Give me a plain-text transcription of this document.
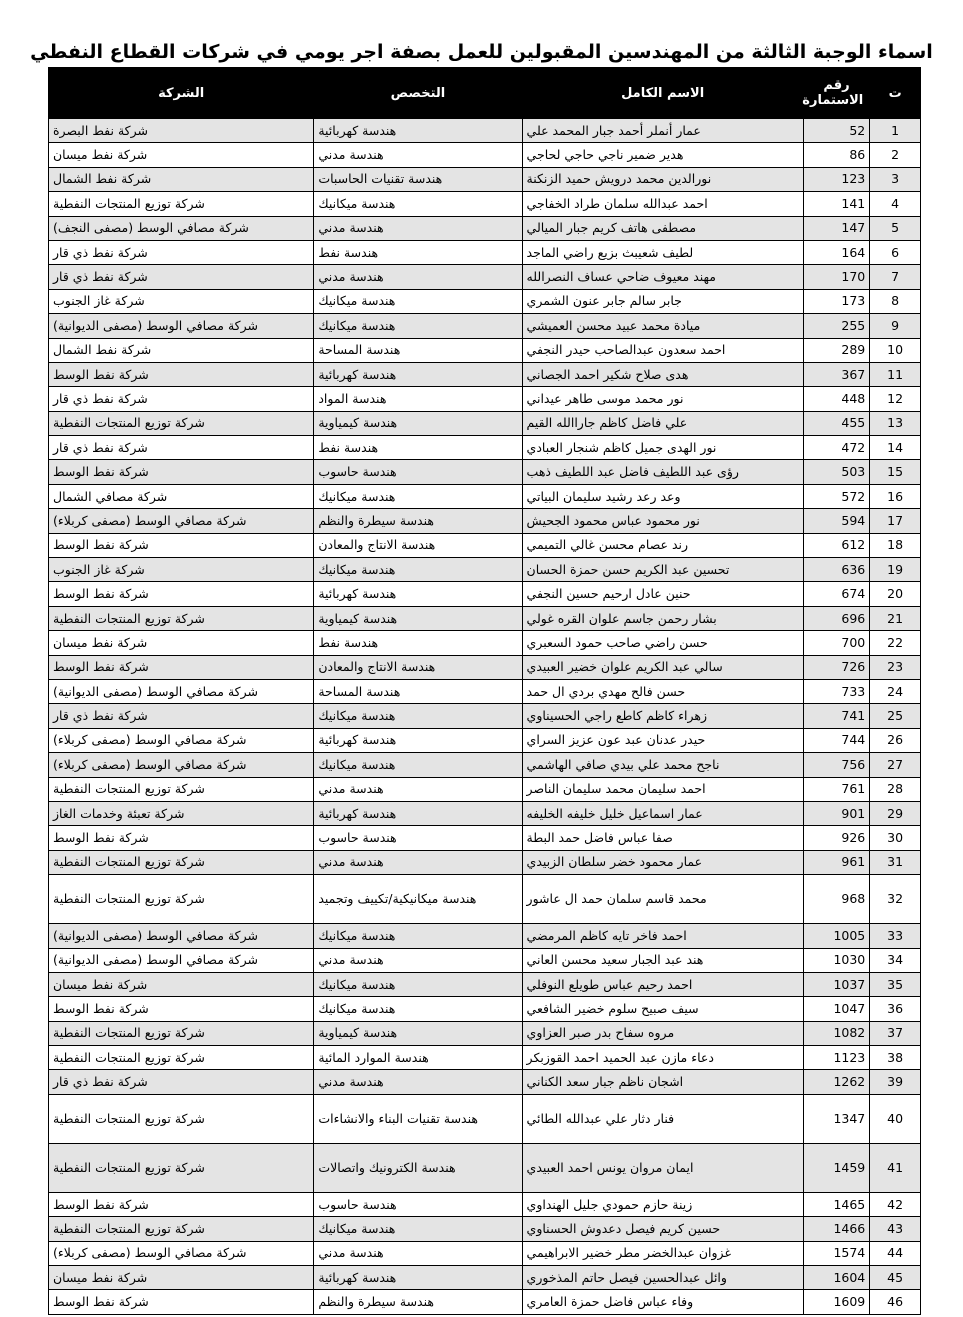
اسماء الوجبة الثالثة من المهندسين المقبولين للعمل بصفة اجر يومي في شركات القطاع النفطي
ت	رقم الاستمارة	الاسم الكامل	التخصص	الشركة
1	52	عمار أنملر أحمد جبار المحمد علي	هندسة كهربائية	شركة نفط البصرة
2	86	هدير ضمير ناجي حاجي لحاجي	هندسة مدني	شركة نفط ميسان
3	123	نورالدين محمد درويش حميد الزنكنة	هندسة تقنيات الحاسبات	شركة نفط الشمال
4	141	احمد عبدالله سلمان طراد الخفاجي	هندسة ميكانيك	شركة توزيع المنتجات النفطية
5	147	مصطفى هاتف كريم جبار الميالي	هندسة مدني	شركة مصافي الوسط (مصفى النجف)
6	164	لطيف شعيبث بزيع راضي الماجد	هندسة نفط	شركة نفط ذي قار
7	170	مهند معيوف ضاحي عساف النصرالله	هندسة مدني	شركة نفط ذي قار
8	173	جابر سالم جابر عنون الشمري	هندسة ميكانيك	شركة غاز الجنوب
9	255	ميادة محمد عبيد محسن العميشي	هندسة ميكانيك	شركة مصافي الوسط (مصفى الديوانية)
10	289	احمد سعدون عبدالصاحب حيدر النجفي	هندسة المساحة	شركة نفط الشمال
11	367	هدى صلاح شكير احمد الجصاني	هندسة كهربائية	شركة نفط الوسط
12	448	نور محمد موسى طاهر عيداني	هندسة المواد	شركة نفط ذي قار
13	455	علي فاضل كاظم جاراالله القيم	هندسة كيمياوية	شركة توزيع المنتجات النفطية
14	472	نور الهدى جميل كاظم شنجار العبادي	هندسة نفط	شركة نفط ذي قار
15	503	رؤى عبد اللطيف فاضل عبد اللطيف ذهب	هندسة حاسوب	شركة نفط الوسط
16	572	وعد رعد رشيد سليمان البياتي	هندسة ميكانيك	شركة مصافي الشمال
17	594	نور محمود عباس محمود الجحيش	هندسة سيطرة والنظم	شركة مصافي الوسط (مصفى كربلاء)
18	612	رند عصام محسن غالي التميمي	هندسة الانتاج والمعادن	شركة نفط الوسط
19	636	تحسين عبد الكريم حسن حمزة الحسان	هندسة ميكانيك	شركة غاز الجنوب
20	674	حنين عادل ارحيم حسين النجفي	هندسة كهربائية	شركة نفط الوسط
21	696	بشار رحمن جاسم علوان القره غولي	هندسة كيمياوية	شركة توزيع المنتجات النفطية
22	700	حسن راضي صاحب حمود السعبري	هندسة نفط	شركة نفط ميسان
23	726	سالي عبد الكريم علوان خضير العبيدي	هندسة الانتاج والمعادن	شركة نفط الوسط
24	733	حسن فالح مهدي بردي ال حمد	هندسة المساحة	شركة مصافي الوسط (مصفى الديوانية)
25	741	زهراء كاظم كاطع راجي الحسيناوي	هندسة ميكانيك	شركة نفط ذي قار
26	744	حيدر عدنان عبد عون عزيز السراي	هندسة كهربائية	شركة مصافي الوسط (مصفى كربلاء)
27	756	ناجح محمد علي بيدي صافي الهاشمي	هندسة ميكانيك	شركة مصافي الوسط (مصفى كربلاء)
28	761	احمد سليمان محمد سليمان الناصر	هندسة مدني	شركة توزيع المنتجات النفطية
29	901	عمار اسماعيل خليل خليفه الخليفه	هندسة كهربائية	شركة تعبئة وخدمات الغاز
30	926	صفا عباس فاضل حمد البطة	هندسة حاسوب	شركة نفط الوسط
31	961	عمار محمود خضر سلطان الزبيدي	هندسة مدني	شركة توزيع المنتجات النفطية
32	968	محمد قاسم سلمان حمد ال عاشور	هندسة ميكانيكية/تكييف وتجميد	شركة توزيع المنتجات النفطية
33	1005	احمد فاخر تايه كاظم المرمضي	هندسة ميكانيك	شركة مصافي الوسط (مصفى الديوانية)
34	1030	هند عبد الجبار سعيد محسن العاني	هندسة مدني	شركة مصافي الوسط (مصفى الديوانية)
35	1037	احمد رحيم عباس طويلع النوفلي	هندسة ميكانيك	شركة نفط ميسان
36	1047	سيف صبيح سلوم خضير الشافعي	هندسة ميكانيك	شركة نفط الوسط
37	1082	مروه سفاح بدر صبر العزاوي	هندسة كيمياوية	شركة توزيع المنتجات النفطية
38	1123	دعاء مازن عبد الحميد احمد القوزبكر	هندسة الموارد المائية	شركة توزيع المنتجات النفطية
39	1262	اشجان ناظم جبار سعد الكناني	هندسة مدني	شركة نفط ذي قار
40	1347	فنار دثار علي عبدالله الطائي	هندسة تقنيات البناء والانشاءات	شركة توزيع المنتجات النفطية
41	1459	ايمان مروان يونس احمد العبيدي	هندسة الكترونيك واتصالات	شركة توزيع المنتجات النفطية
42	1465	زينة حازم حمودي جليل الهنداوي	هندسة حاسوب	شركة نفط الوسط
43	1466	حسين كريم فيصل دعدوش الحسناوي	هندسة ميكانيك	شركة توزيع المنتجات النفطية
44	1574	غزوان عبدالخضر مطر خضير الابراهيمي	هندسة مدني	شركة مصافي الوسط (مصفى كربلاء)
45	1604	وائل عبدالحسين فيصل حاتم المذخوري	هندسة كهربائية	شركة نفط ميسان
46	1609	وفاء عباس فاضل حمزة العامري	هندسة سيطرة والنظم	شركة نفط الوسط
